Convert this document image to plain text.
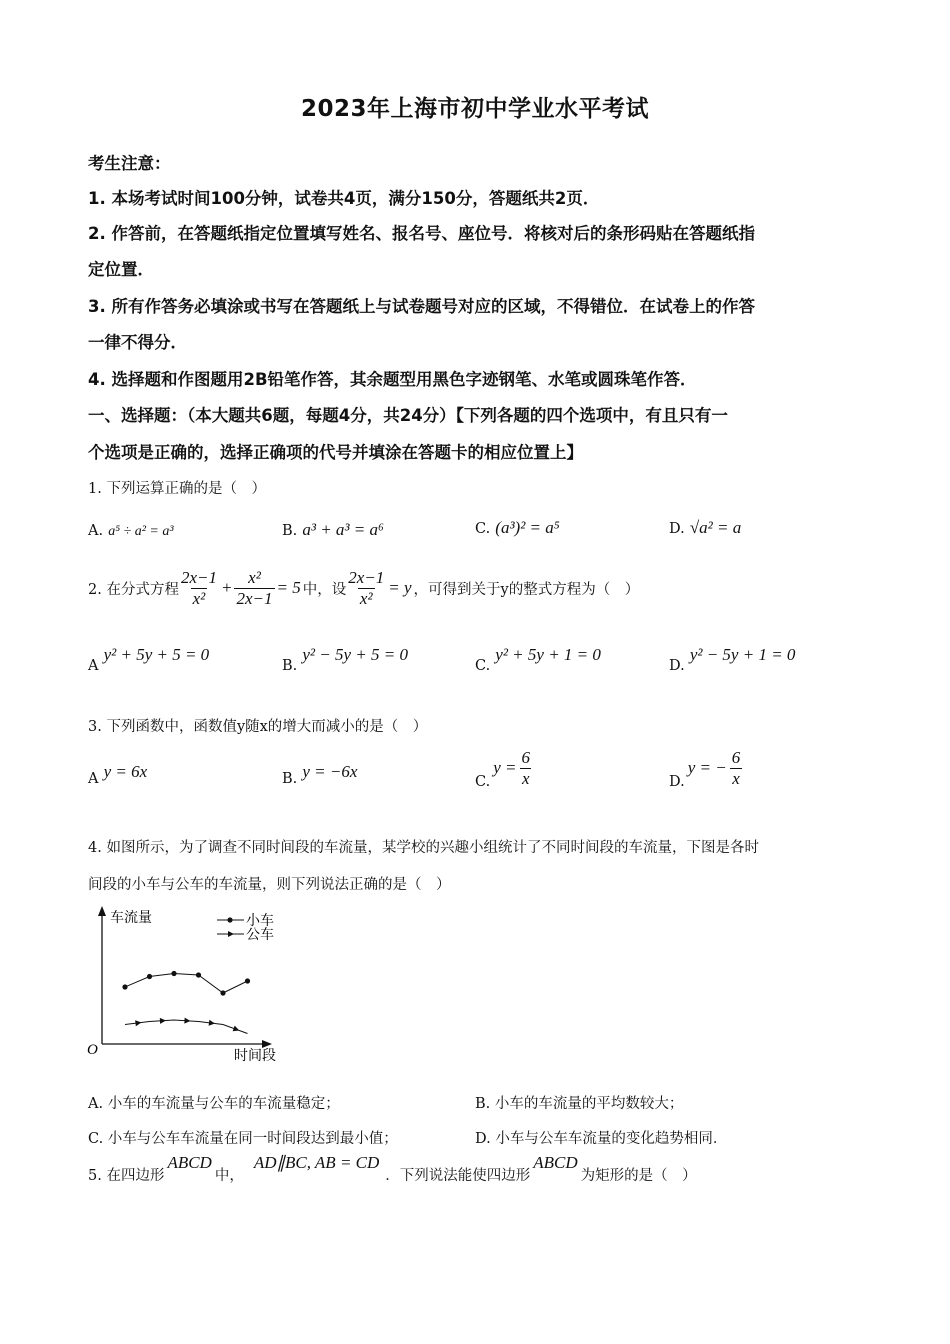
2023年上海市初中学业水平考试
考生注意：
1. 本场考试时间100分钟，试卷共4页，满分150分，答题纸共2页．
2. 作答前，在答题纸指定位置填写姓名、报名号、座位号．将核对后的条形码贴在答题纸指
定位置．
3. 所有作答务必填涂或书写在答题纸上与试卷题号对应的区域，不得错位．在试卷上的作答
一律不得分．
4. 选择题和作图题用2B铅笔作答，其余题型用黑色字迹钢笔、水笔或圆珠笔作答．
一、选择题：（本大题共6题，每题4分，共24分）【下列各题的四个选项中，有且只有一
个选项是正确的，选择正确项的代号并填涂在答题卡的相应位置上】
1. 下列运算正确的是（　）
A. a⁵ ÷ a² = a³	B. a³ + a³ = a⁶	C. (a³)² = a⁵	D. √a² = a
2. 在分式方程 $\frac{2x-1}{\text{x²}} + \frac{\text{x²}}{2x-1} = 5$ 中，设 $\frac{2x-1}{\text{x²}} = y$ ，可得到关于y的整式方程为（　）
A y² + 5y + 5 = 0
B. y² − 5y + 5 = 0
C. y² + 5y + 1 = 0
D. y² − 5y + 1 = 0
3. 下列函数中，函数值y随x的增大而减小的是（　）
A y = 6x	B. y = −6x
C.
$y = \frac{6}{x}$	D.
y = − $\frac{6}{x}$
4. 如图所示，为了调查不同时间段的车流量，某学校的兴趣小组统计了不同时间段的车流量，下图是各时
间段的小车与公车的车流量，则下列说法正确的是（　）
车流量
时间段
O
小车
公车
A. 小车的车流量与公车的车流量稳定；	B. 小车的车流量的平均数较大；
C. 小车与公车车流量在同一时间段达到最小值；	D. 小车与公车车流量的变化趋势相同．
5. 在四边形
ABCD
中，
AD∥BC, AB = CD
．下列说法能使四边形
ABCD
为矩形的是（　）
